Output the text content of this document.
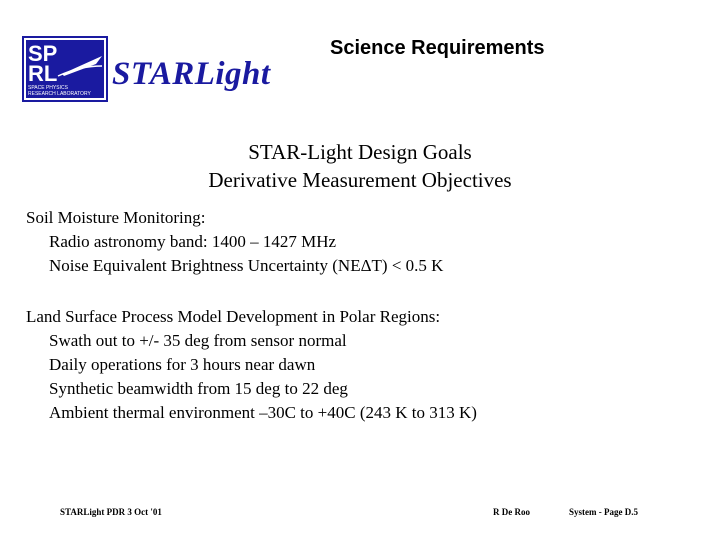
SP
RL
SPACE PHYSICS
RESEARCH LABORATORY
STARLight
Science Requirements
STAR-Light Design Goals
Derivative Measurement Objectives
Soil Moisture Monitoring:
Radio astronomy band: 1400 – 1427 MHz
Noise Equivalent Brightness Uncertainty (NEΔT) < 0.5 K
Land Surface Process Model Development in Polar Regions:
Swath out to +/- 35 deg from sensor normal
Daily operations for 3 hours near dawn
Synthetic beamwidth from 15 deg to 22 deg
Ambient thermal environment –30C to +40C (243 K to 313 K)
STARLight PDR 3 Oct '01	R De Roo	System - Page D.5
